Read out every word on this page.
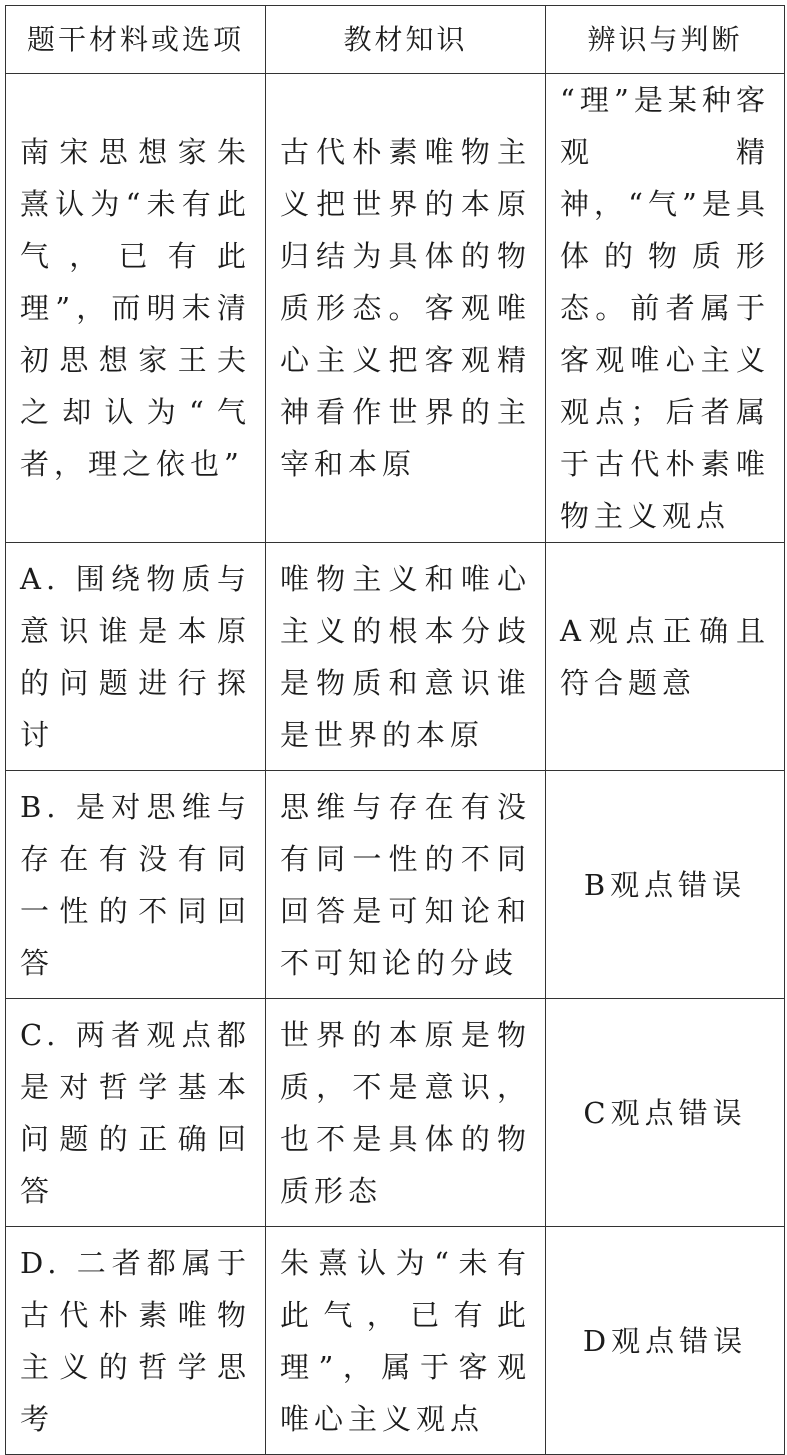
题干材料或选项	教材知识	辨识与判断
南宋思想家朱熹认为“未有此气，已有此理”，而明末清初思想家王夫之却认为“气者，理之依也”	古代朴素唯物主义把世界的本原归结为具体的物质形态。客观唯心主义把客观精神看作世界的主宰和本原	“理”是某种客观精神，“气”是具体的物质形态。前者属于客观唯心主义观点；后者属于古代朴素唯物主义观点
A. 围绕物质与意识谁是本原的问题进行探讨	唯物主义和唯心主义的根本分歧是物质和意识谁是世界的本原	A观点正确且符合题意
B. 是对思维与存在有没有同一性的不同回答	思维与存在有没有同一性的不同回答是可知论和不可知论的分歧	B观点错误
C. 两者观点都是对哲学基本问题的正确回答	世界的本原是物质，不是意识，也不是具体的物质形态	C观点错误
D. 二者都属于古代朴素唯物主义的哲学思考	朱熹认为“未有此气，已有此理”，属于客观唯心主义观点	D观点错误
